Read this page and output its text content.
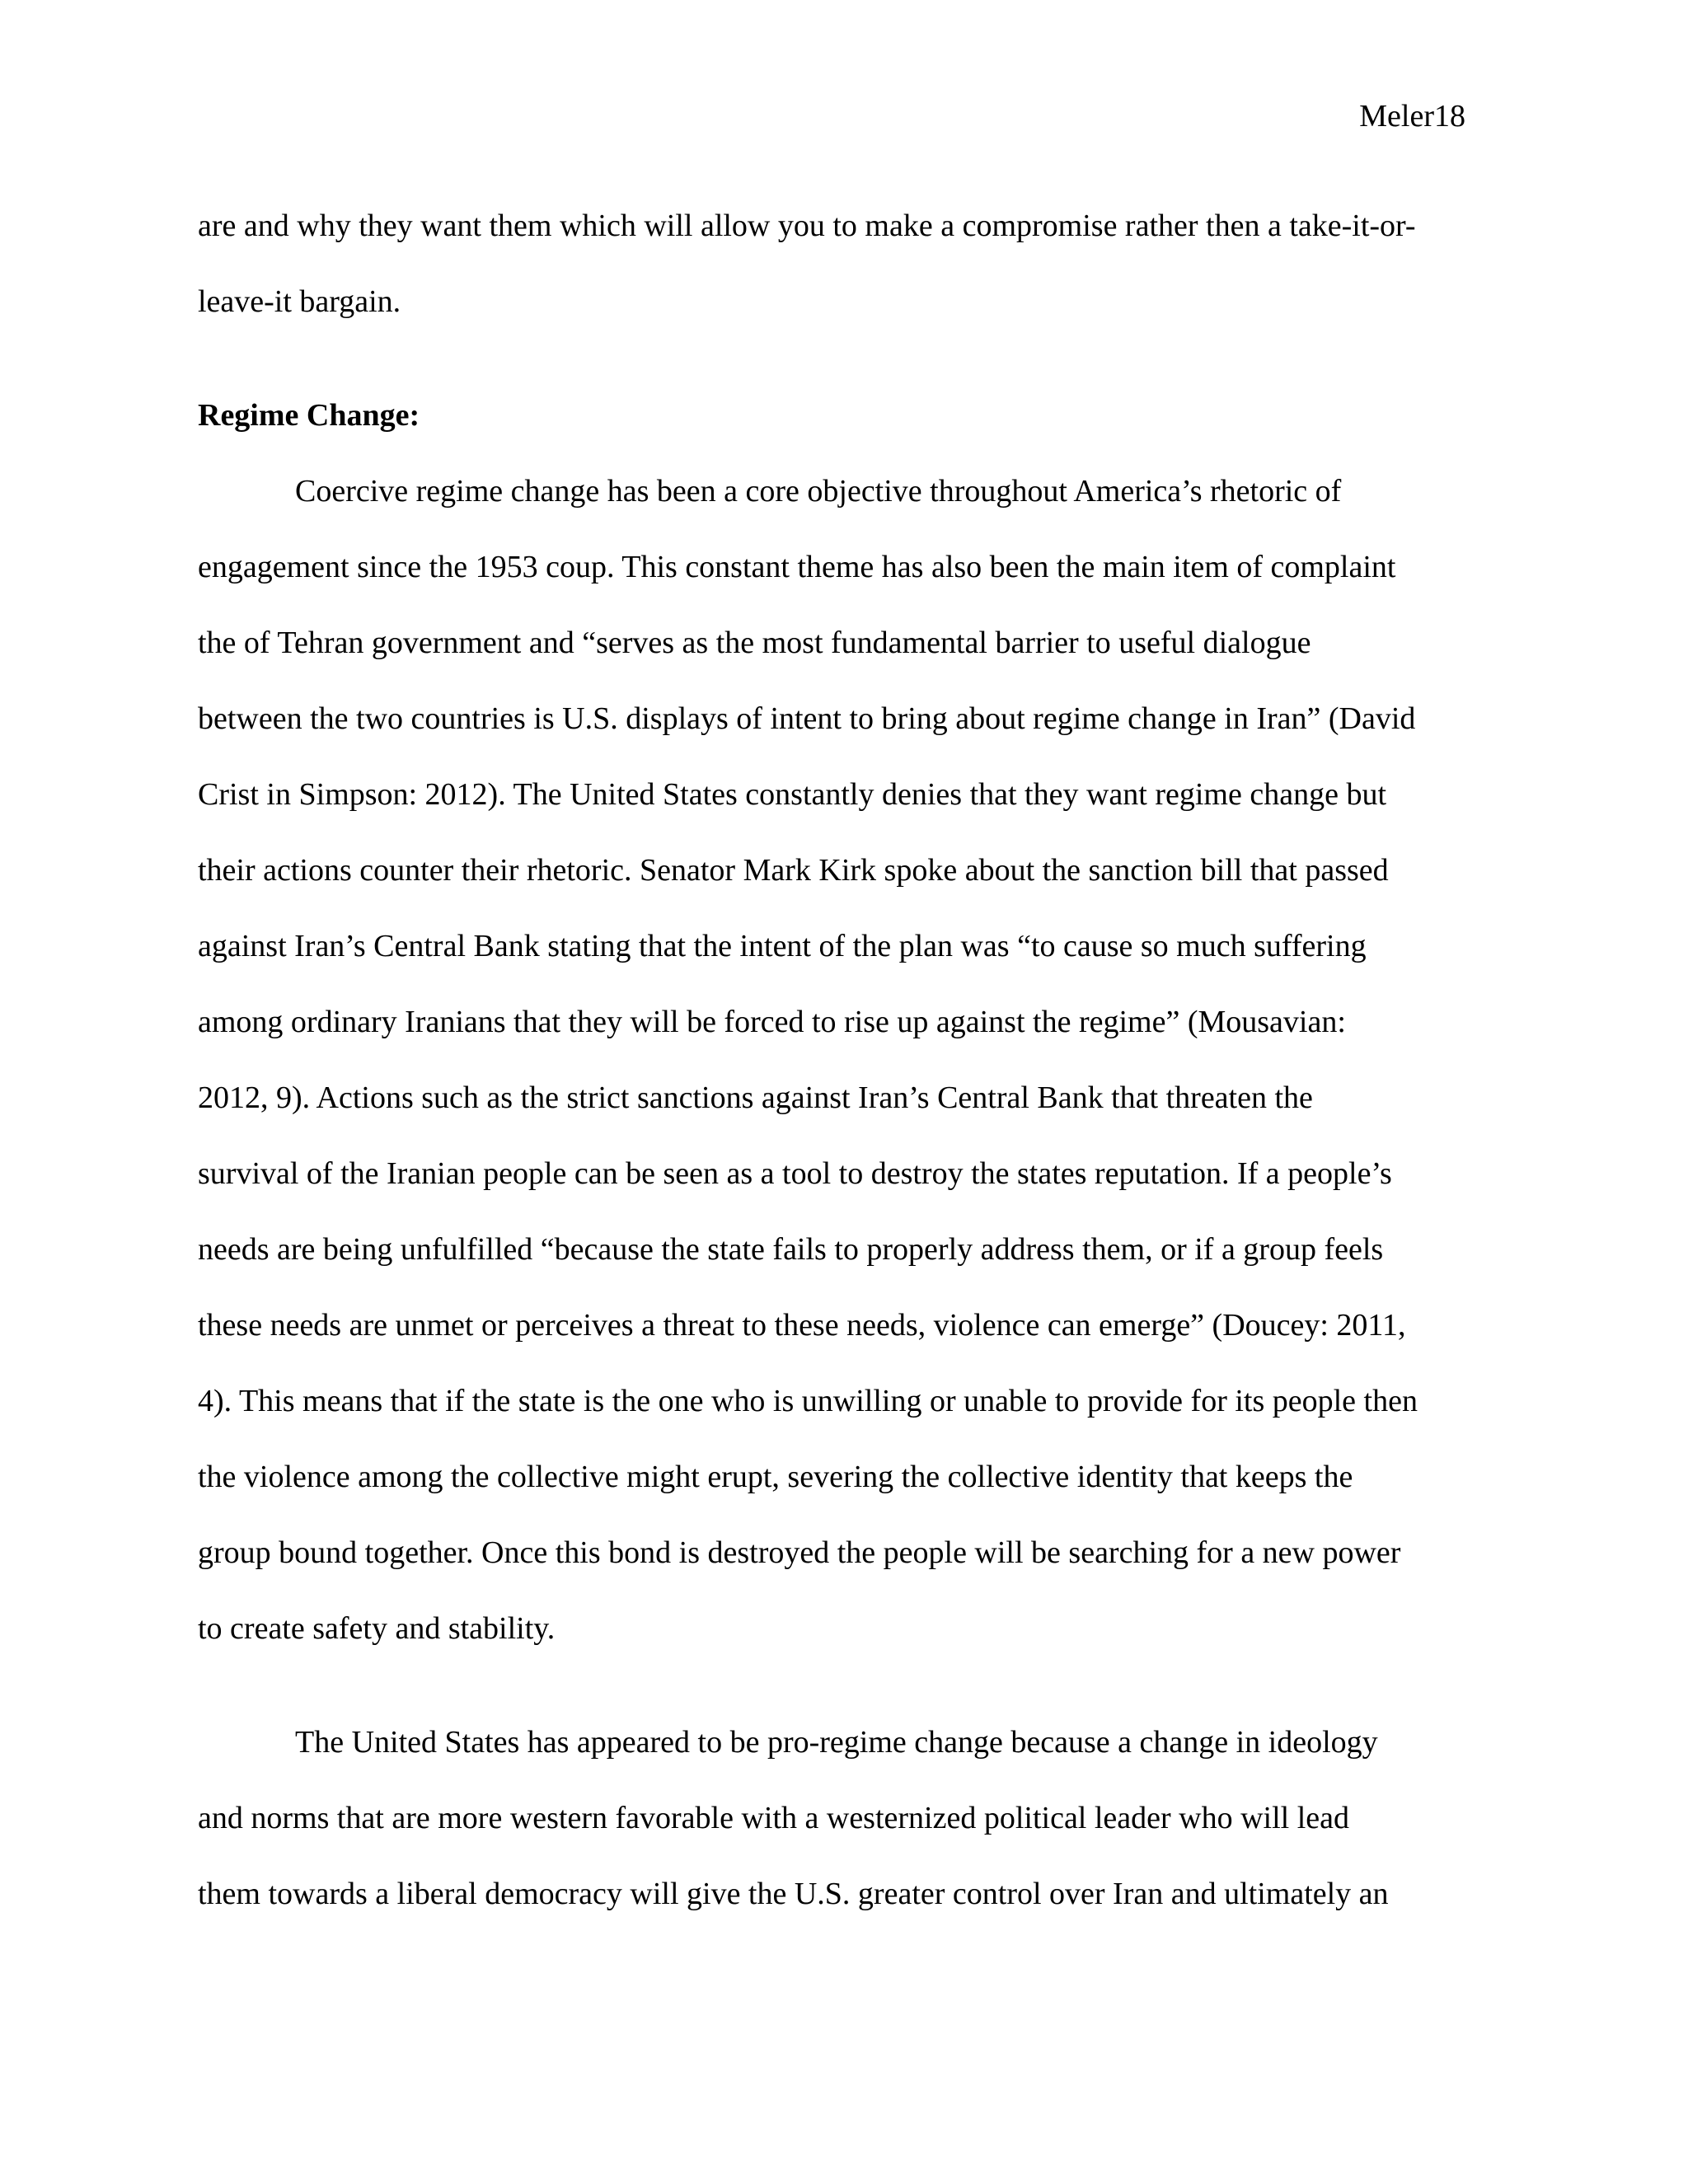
Meler18
are and why they want them which will allow you to make a compromise rather then a take-it-or-
leave-it bargain.
Regime Change:
Coercive regime change has been a core objective throughout America’s rhetoric of
engagement since the 1953 coup. This constant theme has also been the main item of complaint
the of Tehran government and “serves as the most fundamental barrier to useful dialogue
between the two countries is U.S. displays of intent to bring about regime change in Iran” (David
Crist in Simpson: 2012). The United States constantly denies that they want regime change but
their actions counter their rhetoric. Senator Mark Kirk spoke about the sanction bill that passed
against Iran’s Central Bank stating that the intent of the plan was “to cause so much suffering
among ordinary Iranians that they will be forced to rise up against the regime” (Mousavian:
2012, 9). Actions such as the strict sanctions against Iran’s Central Bank that threaten the
survival of the Iranian people can be seen as a tool to destroy the states reputation. If a people’s
needs are being unfulfilled “because the state fails to properly address them, or if a group feels
these needs are unmet or perceives a threat to these needs, violence can emerge” (Doucey: 2011,
4). This means that if the state is the one who is unwilling or unable to provide for its people then
the violence among the collective might erupt, severing the collective identity that keeps the
group bound together. Once this bond is destroyed the people will be searching for a new power
to create safety and stability.
The United States has appeared to be pro-regime change because a change in ideology
and norms that are more western favorable with a westernized political leader who will lead
them towards a liberal democracy will give the U.S. greater control over Iran and ultimately an
